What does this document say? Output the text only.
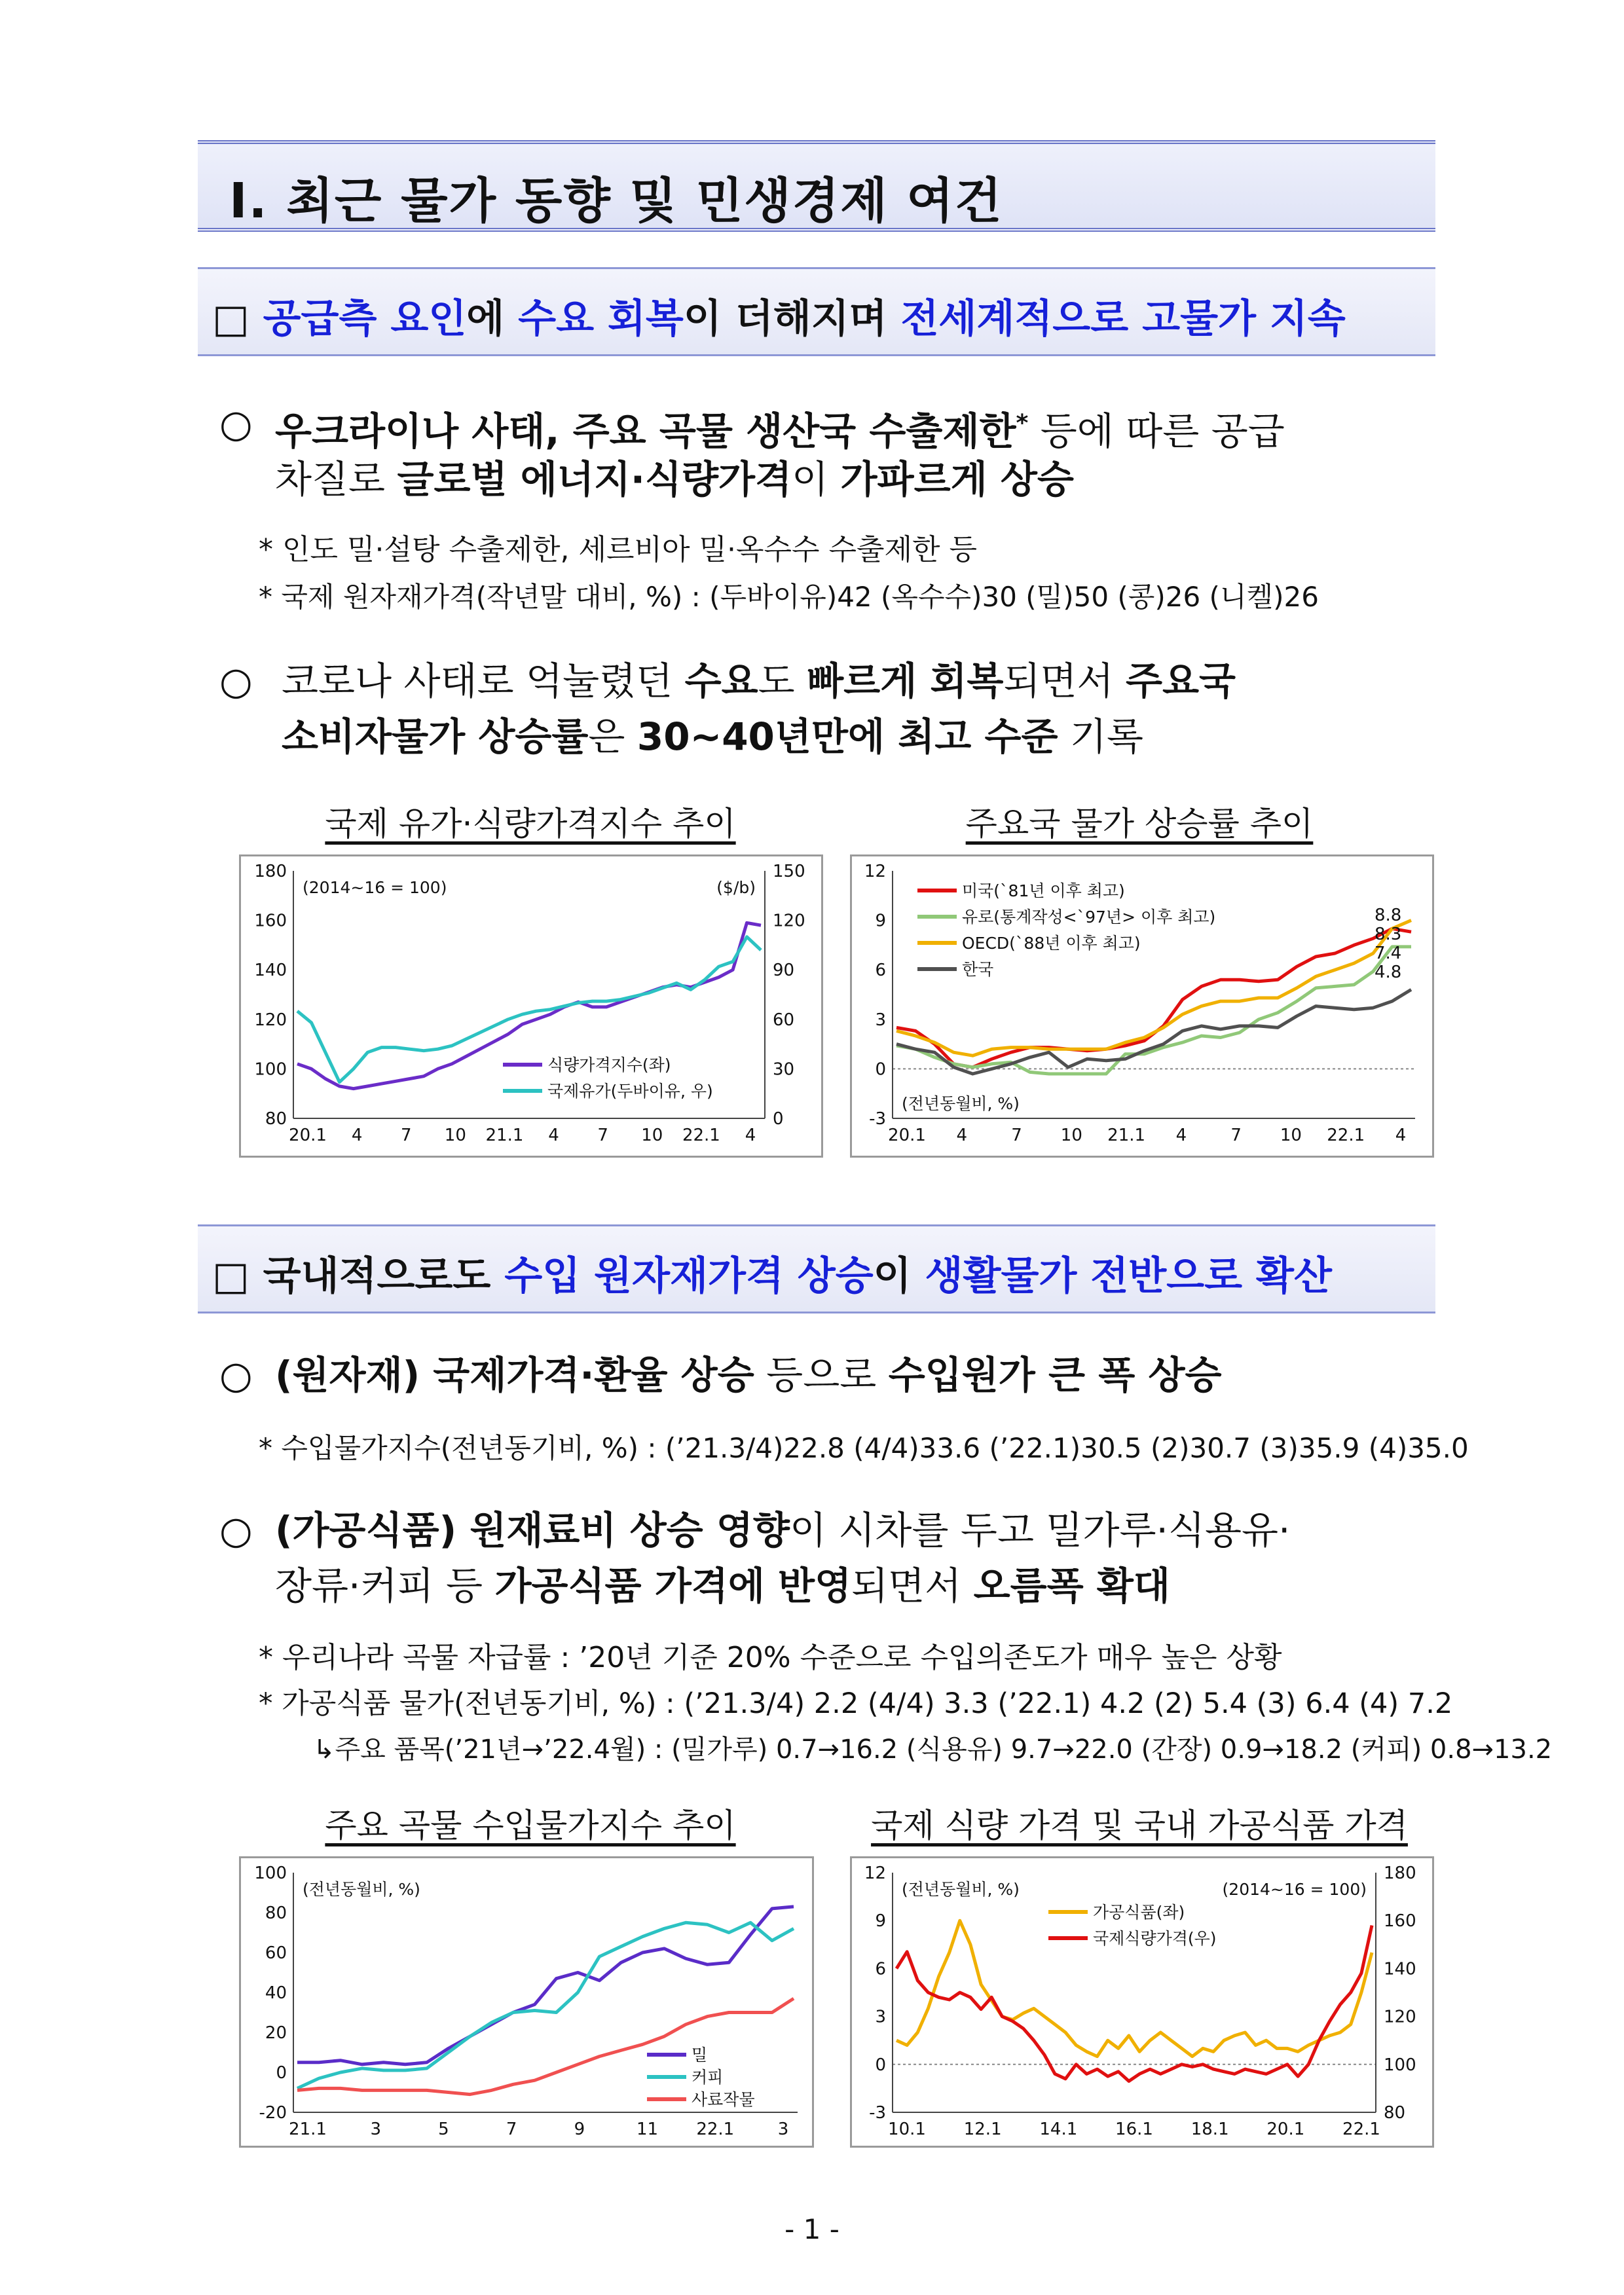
Ⅰ. 최근 물가 동향 및 민생경제 여건
□ 공급측 요인에 수요 회복이 더해지며 전세계적으로 고물가 지속
○ 우크라이나 사태, 주요 곡물 생산국 수출제한* 등에 따른 공급
차질로 글로벌 에너지·식량가격이 가파르게 상승
* 인도 밀·설탕 수출제한, 세르비아 밀·옥수수 수출제한 등
* 국제 원자재가격(작년말 대비, %) : (두바이유)42 (옥수수)30 (밀)50 (콩)26 (니켈)26
○ 코로나 사태로 억눌렸던 수요도 빠르게 회복되면서 주요국
소비자물가 상승률은 30~40년만에 최고 수준 기록
국제 유가·식량가격지수 추이
180
160
140
120
100
80
150
120
90
60
30
0
20.1 4 7 10 21.1 4 7 10 22.1 4
식량가격지수(좌)
국제유가(두바이유, 우)
(2014~16 = 100)	($/b)
주요국 물가 상승률 추이
12
9
6
3
0
-3
20.1 4	7 10 21.1 4	7 10 22.1 4
미국(`81년 이후 최고)
유로(통계작성<`97년> 이후 최고)
OECD(`88년 이후 최고)
한국
(전년동월비, %)
8.8
8.3
7.4
4.8
□ 국내적으로도 수입 원자재가격 상승이 생활물가 전반으로 확산
○ (원자재) 국제가격·환율 상승 등으로 수입원가 큰 폭 상승
* 수입물가지수(전년동기비, %) : (’21.3/4)22.8 (4/4)33.6 (’22.1)30.5 (2)30.7 (3)35.9 (4)35.0
○ (가공식품) 원재료비 상승 영향이 시차를 두고 밀가루·식용유·
장류·커피 등 가공식품 가격에 반영되면서 오름폭 확대
* 우리나라 곡물 자급률 : ’20년 기준 20% 수준으로 수입의존도가 매우 높은 상황
* 가공식품 물가(전년동기비, %) : (’21.3/4) 2.2 (4/4) 3.3 (’22.1) 4.2 (2) 5.4 (3) 6.4 (4) 7.2
↳주요 품목(’21년→’22.4월) : (밀가루) 0.7→16.2 (식용유) 9.7→22.0 (간장) 0.9→18.2 (커피) 0.8→13.2
주요 곡물 수입물가지수 추이
100
80
60
40
20
0
-20
21.1	3	5	7	9	11 22.1	3
밀
커피
사료작물
(전년동월비, %)
국제 식량 가격 및 국내 가공식품 가격
12
9
6
3
0
-3
180
160
140
120
100
80
10.1 12.1 14.1 16.1 18.1 20.1 22.1
가공식품(좌)
국제식량가격(우)
(전년동월비, %)	(2014~16 = 100)
- 1 -
